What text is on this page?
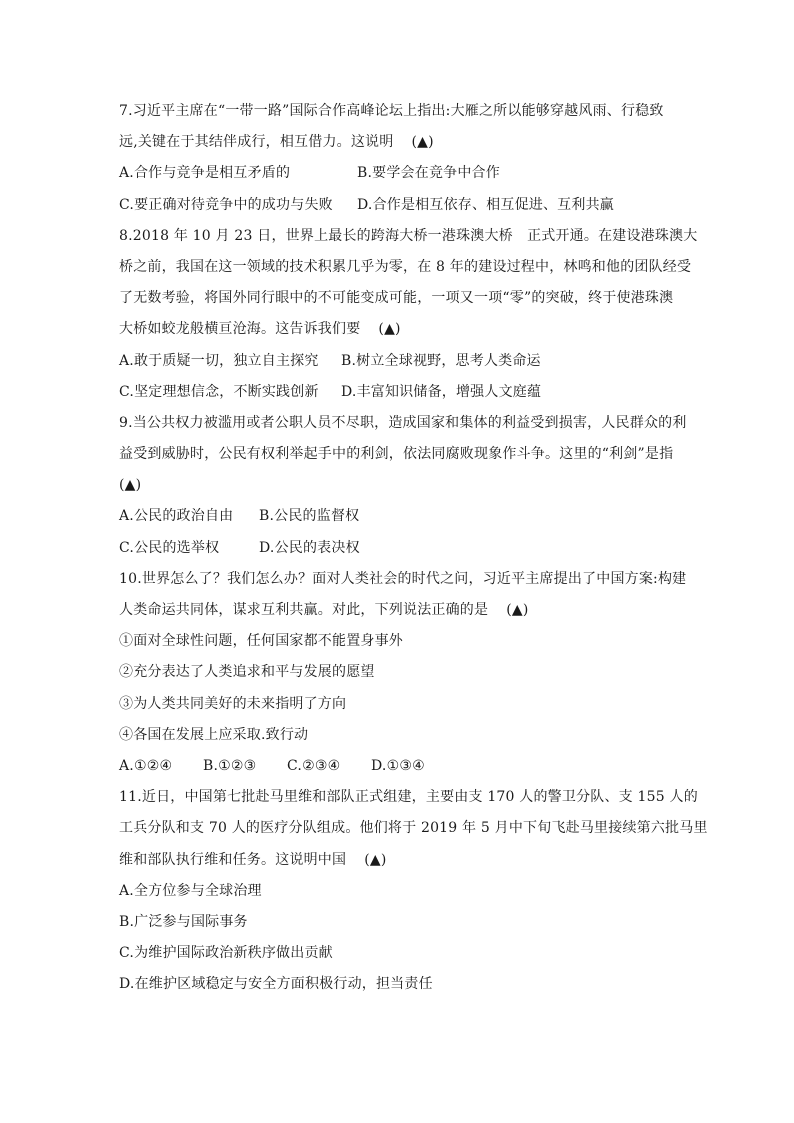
7.习近平主席在“一带一路”国际合作高峰论坛上指出:大雁之所以能够穿越风雨、行稳致
远,关键在于其结伴成行，相互借力。这说明 (▲)
A.合作与竞争是相互矛盾的	B.要学会在竞争中合作
C.要正确对待竞争中的成功与失败	D.合作是相互依存、相互促进、互利共赢
8.2018 年 10 月 23 日，世界上最长的跨海大桥一港珠澳大桥　正式开通。在建设港珠澳大
桥之前，我国在这一领域的技术积累几乎为零，在 8 年的建设过程中，林鸣和他的团队经受
了无数考验，将国外同行眼中的不可能变成可能，一项又一项“零”的突破，终于使港珠澳
大桥如蛟龙般横亘沧海。这告诉我们要 (▲)
A.敢于质疑一切，独立自主探究	B.树立全球视野，思考人类命运
C.坚定理想信念，不断实践创新	D.丰富知识储备，增强人文庭蕴
9.当公共权力被滥用或者公职人员不尽职，造成国家和集体的利益受到损害，人民群众的利
益受到威胁时，公民有权利举起手中的利剑，依法同腐败现象作斗争。这里的“利剑”是指
(▲)
A.公民的政治自由	B.公民的监督权
C.公民的选举权	D.公民的表决权
10.世界怎么了？我们怎么办？面对人类社会的时代之问，习近平主席提出了中国方案:构建
人类命运共同体，谋求互利共赢。对此，下列说法正确的是 (▲)
①面对全球性问题，任何国家都不能置身事外
②充分表达了人类追求和平与发展的愿望
③为人类共同美好的未来指明了方向
④各国在发展上应采取.致行动
A.①②④	B.①②③	C.②③④	D.①③④
11.近日，中国第七批赴马里维和部队正式组建，主要由支 170 人的警卫分队、支 155 人的
工兵分队和支 70 人的医疗分队组成。他们将于 2019 年 5 月中下旬飞赴马里接续第六批马里
维和部队执行维和任务。这说明中国 (▲)
A.全方位参与全球治理
B.广泛参与国际事务
C.为维护国际政治新秩序做出贡献
D.在维护区域稳定与安全方面积极行动，担当责任
